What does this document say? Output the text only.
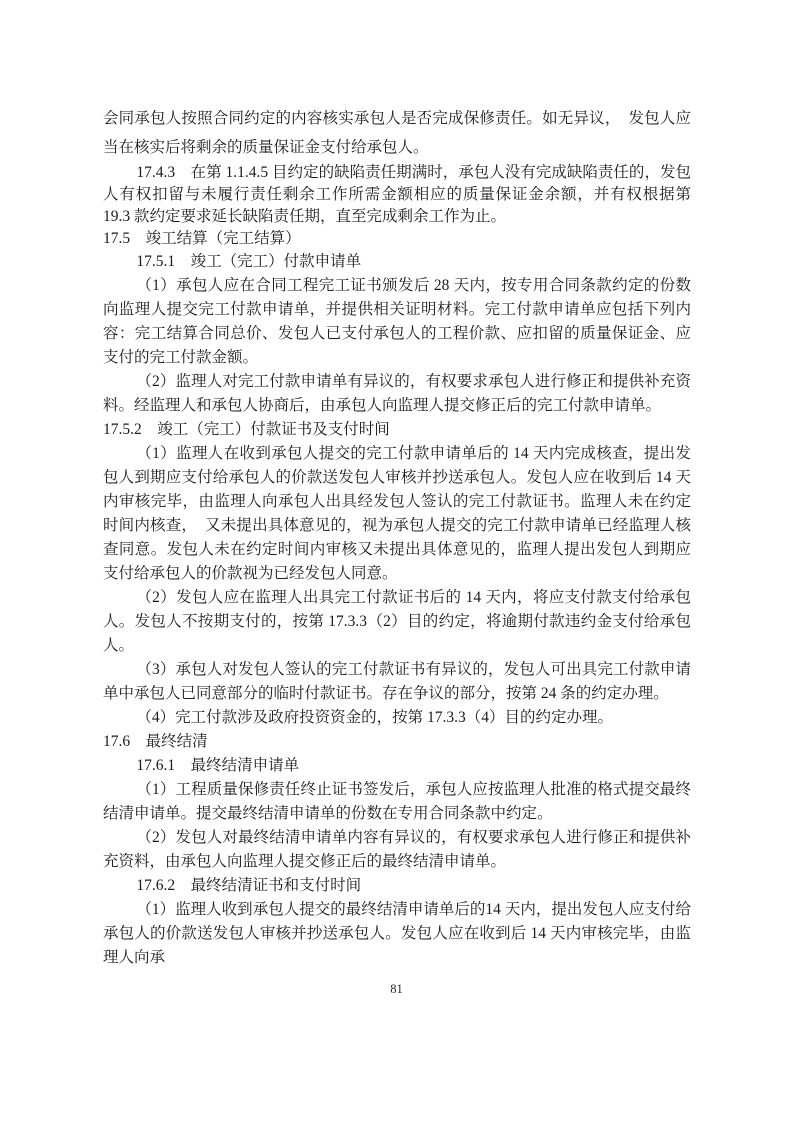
会同承包人按照合同约定的内容核实承包人是否完成保修责任。如无异议，　发包人应当在核实后将剩余的质量保证金支付给承包人。

17.4.3　在第 1.1.4.5 目约定的缺陷责任期满时，承包人没有完成缺陷责任的，发包人有权扣留与未履行责任剩余工作所需金额相应的质量保证金余额，并有权根据第 19.3 款约定要求延长缺陷责任期，直至完成剩余工作为止。

17.5　竣工结算（完工结算）

17.5.1　竣工（完工）付款申请单

（1）承包人应在合同工程完工证书颁发后 28 天内，按专用合同条款约定的份数向监理人提交完工付款申请单，并提供相关证明材料。完工付款申请单应包括下列内容：完工结算合同总价、发包人已支付承包人的工程价款、应扣留的质量保证金、应支付的完工付款金额。

（2）监理人对完工付款申请单有异议的，有权要求承包人进行修正和提供补充资料。经监理人和承包人协商后，由承包人向监理人提交修正后的完工付款申请单。

17.5.2　竣工（完工）付款证书及支付时间

（1）监理人在收到承包人提交的完工付款申请单后的 14 天内完成核查，提出发包人到期应支付给承包人的价款送发包人审核并抄送承包人。发包人应在收到后 14 天内审核完毕，由监理人向承包人出具经发包人签认的完工付款证书。监理人未在约定时间内核查，　又未提出具体意见的，视为承包人提交的完工付款申请单已经监理人核查同意。发包人未在约定时间内审核又未提出具体意见的，监理人提出发包人到期应支付给承包人的价款视为已经发包人同意。

（2）发包人应在监理人出具完工付款证书后的 14 天内，将应支付款支付给承包人。发包人不按期支付的，按第 17.3.3（2）目的约定，将逾期付款违约金支付给承包人。

（3）承包人对发包人签认的完工付款证书有异议的，发包人可出具完工付款申请单中承包人已同意部分的临时付款证书。存在争议的部分，按第 24 条的约定办理。

（4）完工付款涉及政府投资资金的，按第 17.3.3（4）目的约定办理。

17.6　最终结清

17.6.1　最终结清申请单

（1）工程质量保修责任终止证书签发后，承包人应按监理人批准的格式提交最终结清申请单。提交最终结清申请单的份数在专用合同条款中约定。

（2）发包人对最终结清申请单内容有异议的，有权要求承包人进行修正和提供补充资料，由承包人向监理人提交修正后的最终结清申请单。

17.6.2　最终结清证书和支付时间

（1）监理人收到承包人提交的最终结清申请单后的14 天内，提出发包人应支付给承包人的价款送发包人审核并抄送承包人。发包人应在收到后 14 天内审核完毕，由监理人向承

81
